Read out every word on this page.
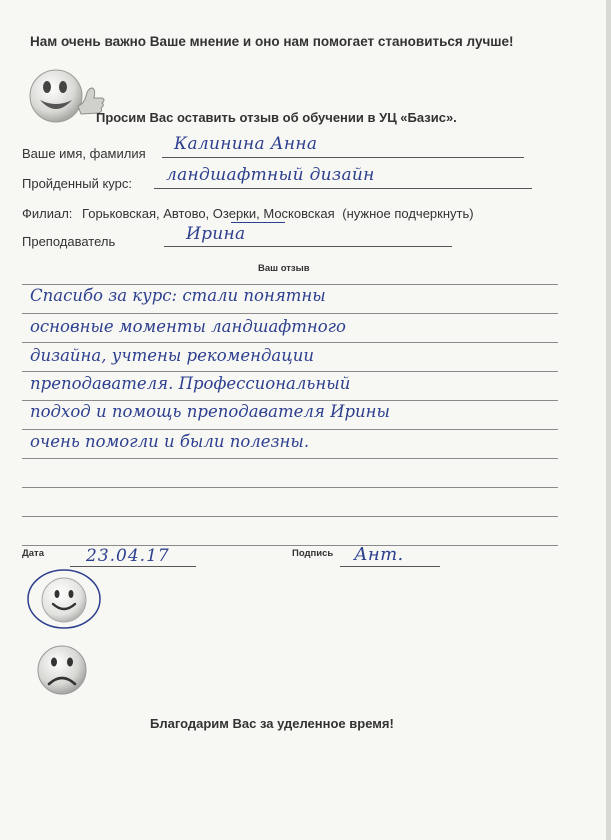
Нам очень важно Ваше мнение и оно нам помогает становиться лучше!
Просим Вас оставить отзыв об обучении в УЦ «Базис».
Ваше имя, фамилия Калинина Анна
Пройденный курс: ландшафтный дизайн
Филиал: Горьковская, Автово, Озерки, Московская (нужное подчеркнуть)
Преподаватель	Ирина
Ваш отзыв
Спасибо за курс: стали понятны
основные моменты ландшафтного
дизайна, учтены рекомендации
преподавателя. Профессиональный
подход и помощь преподавателя Ирины
очень помогли и были полезны.
Дата 23.04.17	Подпись Ант.
Благодарим Вас за уделенное время!
